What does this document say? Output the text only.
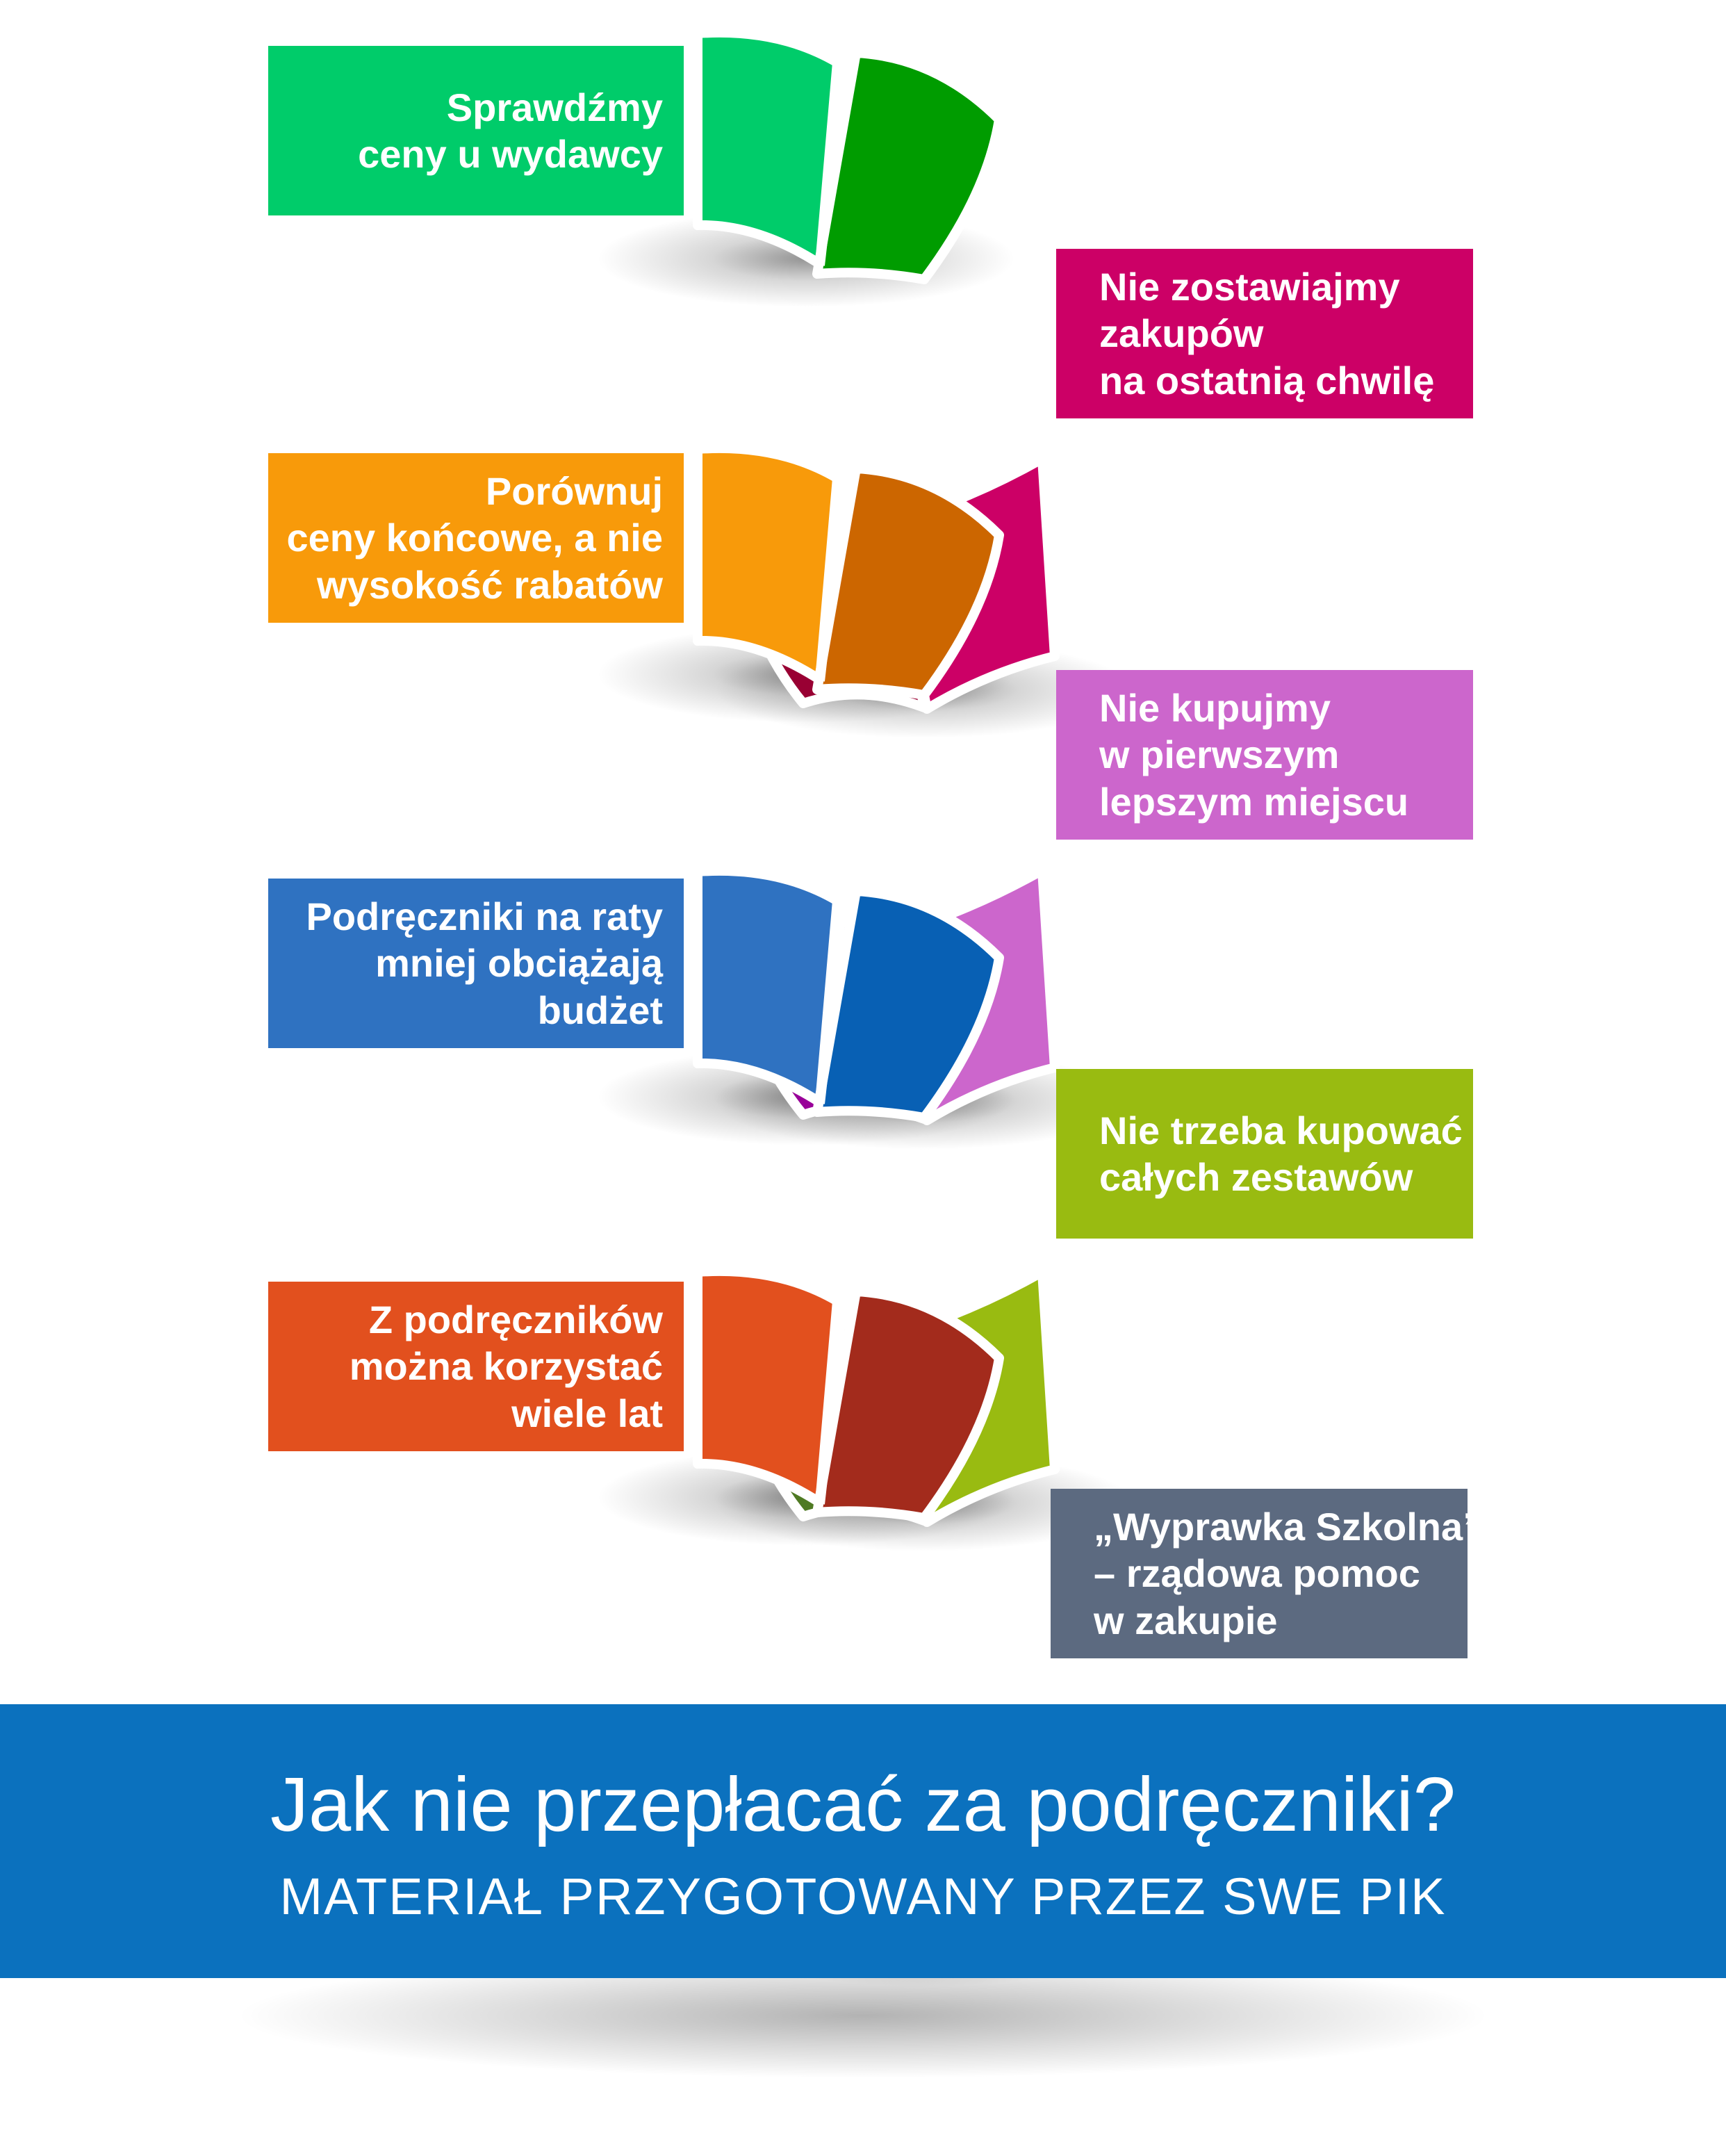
Sprawdźmy
ceny u wydawcy
Nie zostawiajmy
zakupów
na ostatnią chwilę
Porównuj
ceny końcowe, a nie
wysokość rabatów
Nie kupujmy
w pierwszym
lepszym miejscu
Podręczniki na raty
mniej obciążają
budżet
Nie trzeba kupować
całych zestawów
Z podręczników
można korzystać
wiele lat
„Wyprawka Szkolna”
– rządowa pomoc
w zakupie
Jak nie przepłacać za podręczniki?
MATERIAŁ PRZYGOTOWANY PRZEZ SWE PIK
